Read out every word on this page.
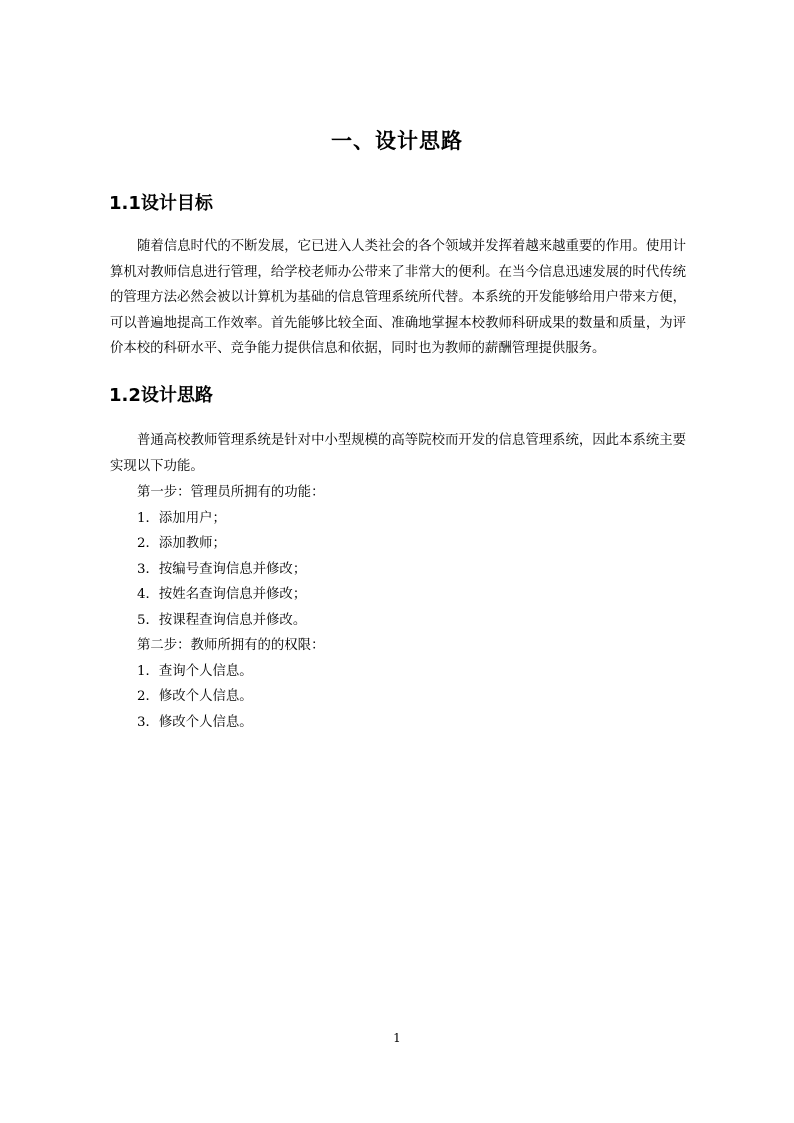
一、设计思路
1.1设计目标

随着信息时代的不断发展，它已进入人类社会的各个领域并发挥着越来越重要的作用。使用计算机对教师信息进行管理，给学校老师办公带来了非常大的便利。在当今信息迅速发展的时代传统的管理方法必然会被以计算机为基础的信息管理系统所代替。本系统的开发能够给用户带来方便，可以普遍地提高工作效率。首先能够比较全面、准确地掌握本校教师科研成果的数量和质量，为评价本校的科研水平、竞争能力提供信息和依据，同时也为教师的薪酬管理提供服务。

1.2设计思路

普通高校教师管理系统是针对中小型规模的高等院校而开发的信息管理系统，因此本系统主要实现以下功能。

第一步：管理员所拥有的功能：

1．添加用户；

2．添加教师；

3．按编号查询信息并修改；

4．按姓名查询信息并修改；

5．按课程查询信息并修改。

第二步：教师所拥有的的权限：

1．查询个人信息。

2．修改个人信息。

3．修改个人信息。

1
